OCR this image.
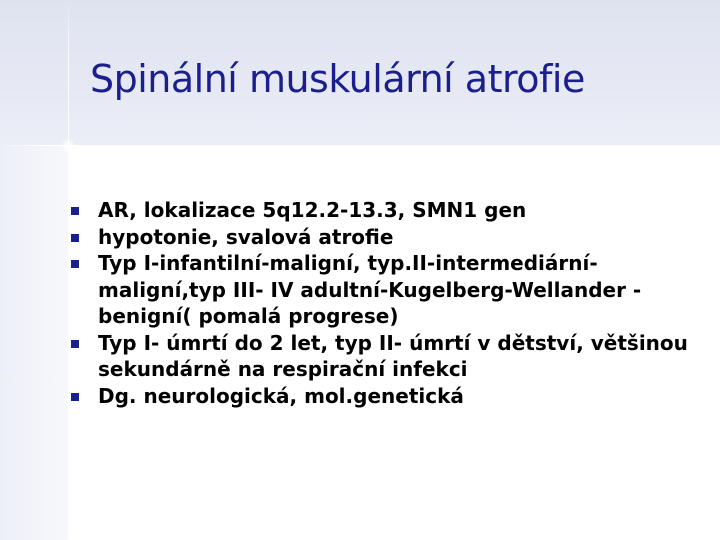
Spinální muskulární atrofie
AR, lokalizace 5q12.2-13.3, SMN1 gen
hypotonie, svalová atrofie
Typ I-infantilní-maligní, typ.II-intermediární-maligní,typ III- IV adultní-Kugelberg-Wellander -benigní( pomalá progrese)
Typ I- úmrtí do 2 let, typ II- úmrtí v dětství, většinou sekundárně na respirační infekci
Dg. neurologická, mol.genetická
